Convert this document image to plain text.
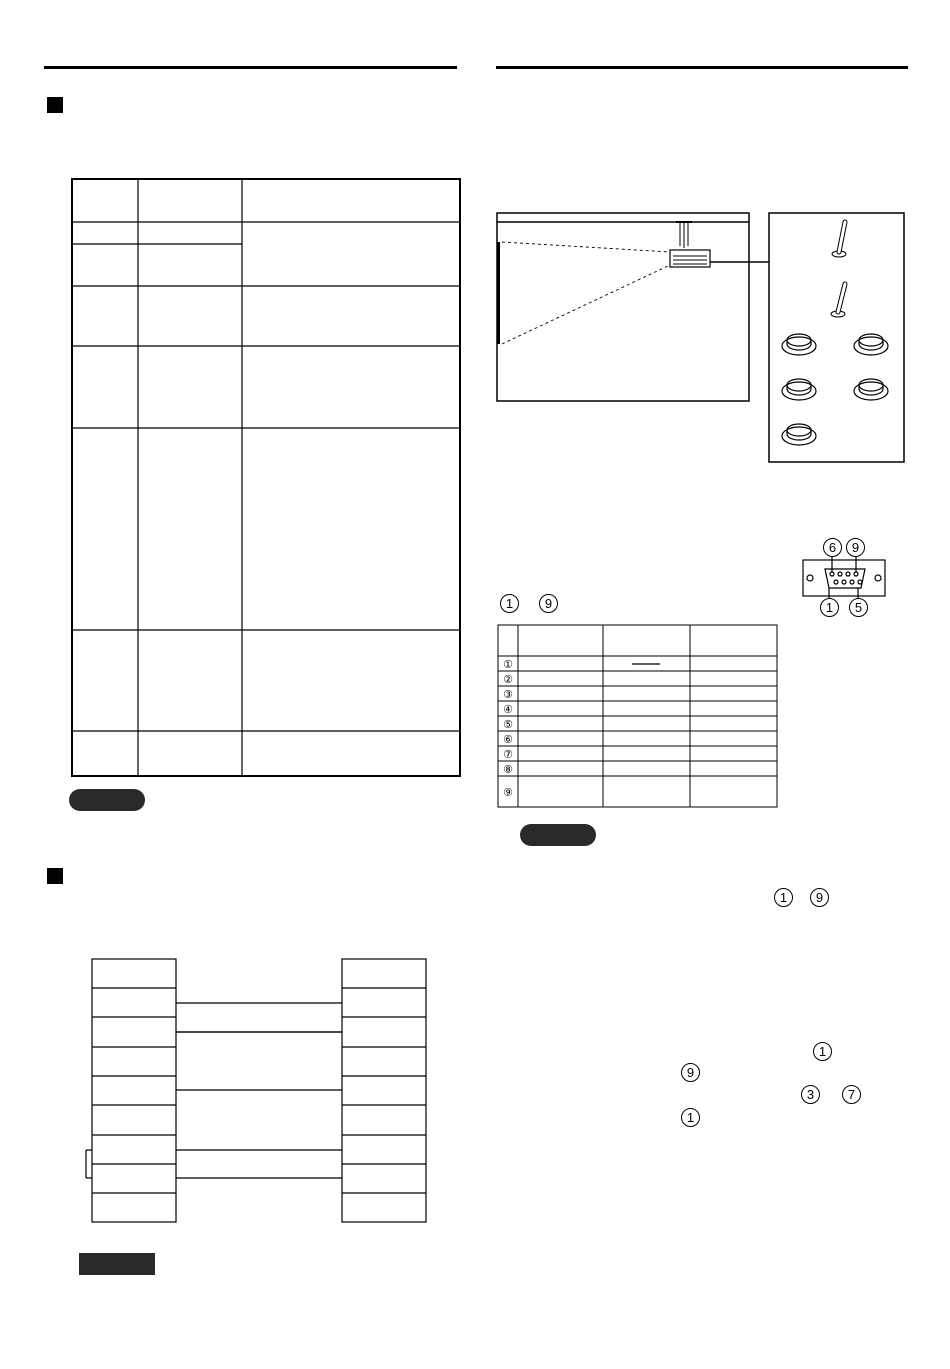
6	9
1	5
1	9
①
②
③
④
⑤
⑥
⑦
⑧
⑨
1	9
1
9
3	7
1
